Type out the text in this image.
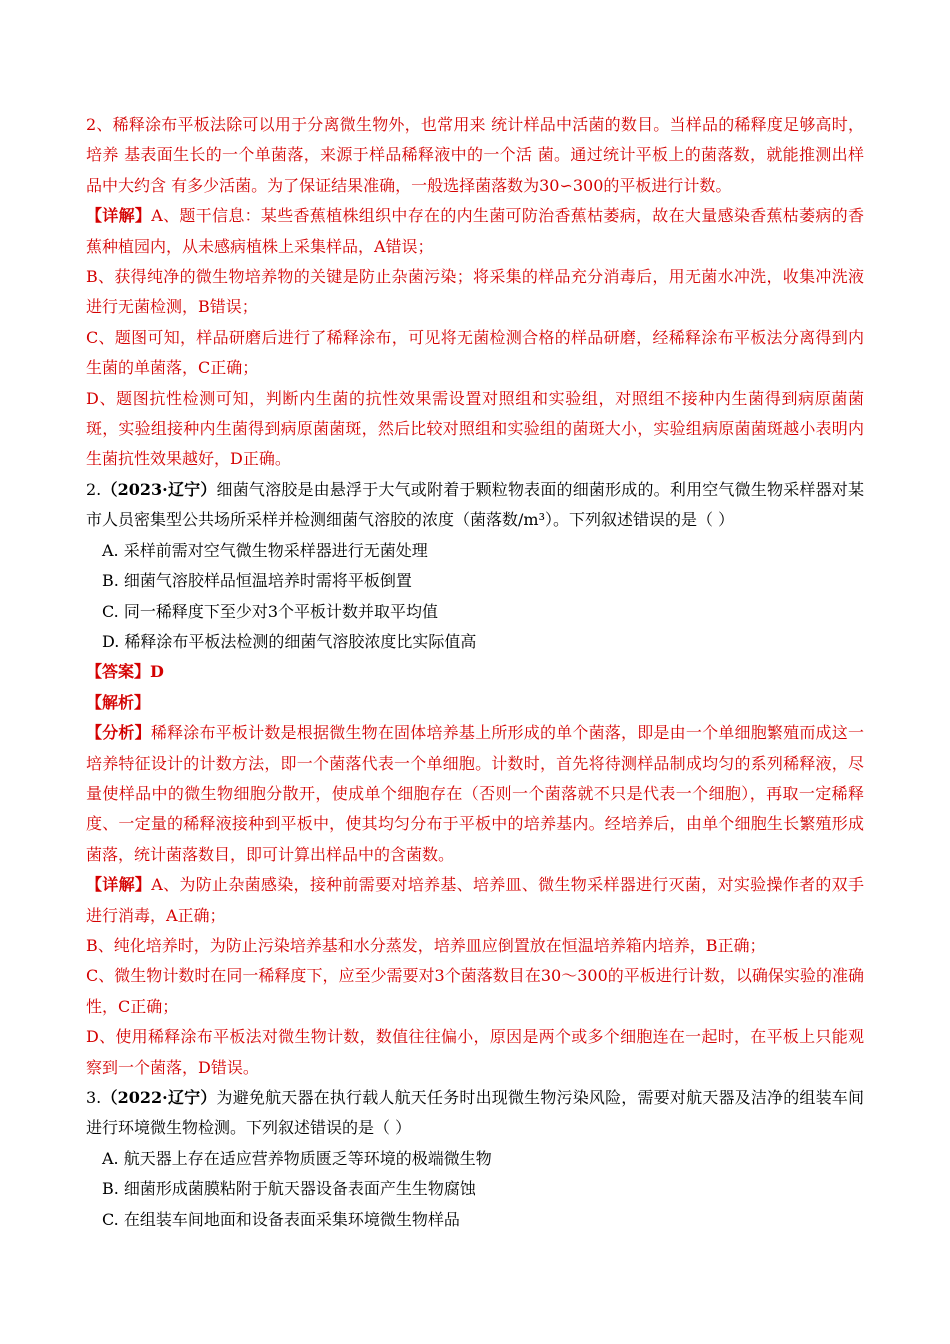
2、稀释涂布平板法除可以用于分离微生物外，也常用来 统计样品中活菌的数目。当样品的稀释度足够高时，培养 基表面生长的一个单菌落，来源于样品稀释液中的一个活 菌。通过统计平板上的菌落数，就能推测出样品中大约含 有多少活菌。为了保证结果准确，一般选择菌落数为30∽300的平板进行计数。

【详解】A、题干信息：某些香蕉植株组织中存在的内生菌可防治香蕉枯萎病，故在大量感染香蕉枯萎病的香蕉种植园内，从未感病植株上采集样品，A错误；

B、获得纯净的微生物培养物的关键是防止杂菌污染；将采集的样品充分消毒后，用无菌水冲洗，收集冲洗液进行无菌检测，B错误；

C、题图可知，样品研磨后进行了稀释涂布，可见将无菌检测合格的样品研磨，经稀释涂布平板法分离得到内生菌的单菌落，C正确；

D、题图抗性检测可知，判断内生菌的抗性效果需设置对照组和实验组，对照组不接种内生菌得到病原菌菌斑，实验组接种内生菌得到病原菌菌斑，然后比较对照组和实验组的菌斑大小，实验组病原菌菌斑越小表明内生菌抗性效果越好，D正确。

2.（2023·辽宁）细菌气溶胶是由悬浮于大气或附着于颗粒物表面的细菌形成的。利用空气微生物采样器对某市人员密集型公共场所采样并检测细菌气溶胶的浓度（菌落数/m³）。下列叙述错误的是（ ）

A. 采样前需对空气微生物采样器进行无菌处理

B. 细菌气溶胶样品恒温培养时需将平板倒置

C. 同一稀释度下至少对3个平板计数并取平均值

D. 稀释涂布平板法检测的细菌气溶胶浓度比实际值高

【答案】D

【解析】

【分析】稀释涂布平板计数是根据微生物在固体培养基上所形成的单个菌落，即是由一个单细胞繁殖而成这一培养特征设计的计数方法，即一个菌落代表一个单细胞。计数时，首先将待测样品制成均匀的系列稀释液，尽量使样品中的微生物细胞分散开，使成单个细胞存在（否则一个菌落就不只是代表一个细胞），再取一定稀释度、一定量的稀释液接种到平板中，使其均匀分布于平板中的培养基内。经培养后，由单个细胞生长繁殖形成菌落，统计菌落数目，即可计算出样品中的含菌数。

【详解】A、为防止杂菌感染，接种前需要对培养基、培养皿、微生物采样器进行灭菌，对实验操作者的双手进行消毒，A正确；

B、纯化培养时，为防止污染培养基和水分蒸发，培养皿应倒置放在恒温培养箱内培养，B正确；

C、微生物计数时在同一稀释度下，应至少需要对3个菌落数目在30～300的平板进行计数，以确保实验的准确性，C正确；

D、使用稀释涂布平板法对微生物计数，数值往往偏小，原因是两个或多个细胞连在一起时，在平板上只能观察到一个菌落，D错误。

3.（2022·辽宁）为避免航天器在执行载人航天任务时出现微生物污染风险，需要对航天器及洁净的组装车间进行环境微生物检测。下列叙述错误的是（ ）

A. 航天器上存在适应营养物质匮乏等环境的极端微生物

B. 细菌形成菌膜粘附于航天器设备表面产生生物腐蚀

C. 在组装车间地面和设备表面采集环境微生物样品
